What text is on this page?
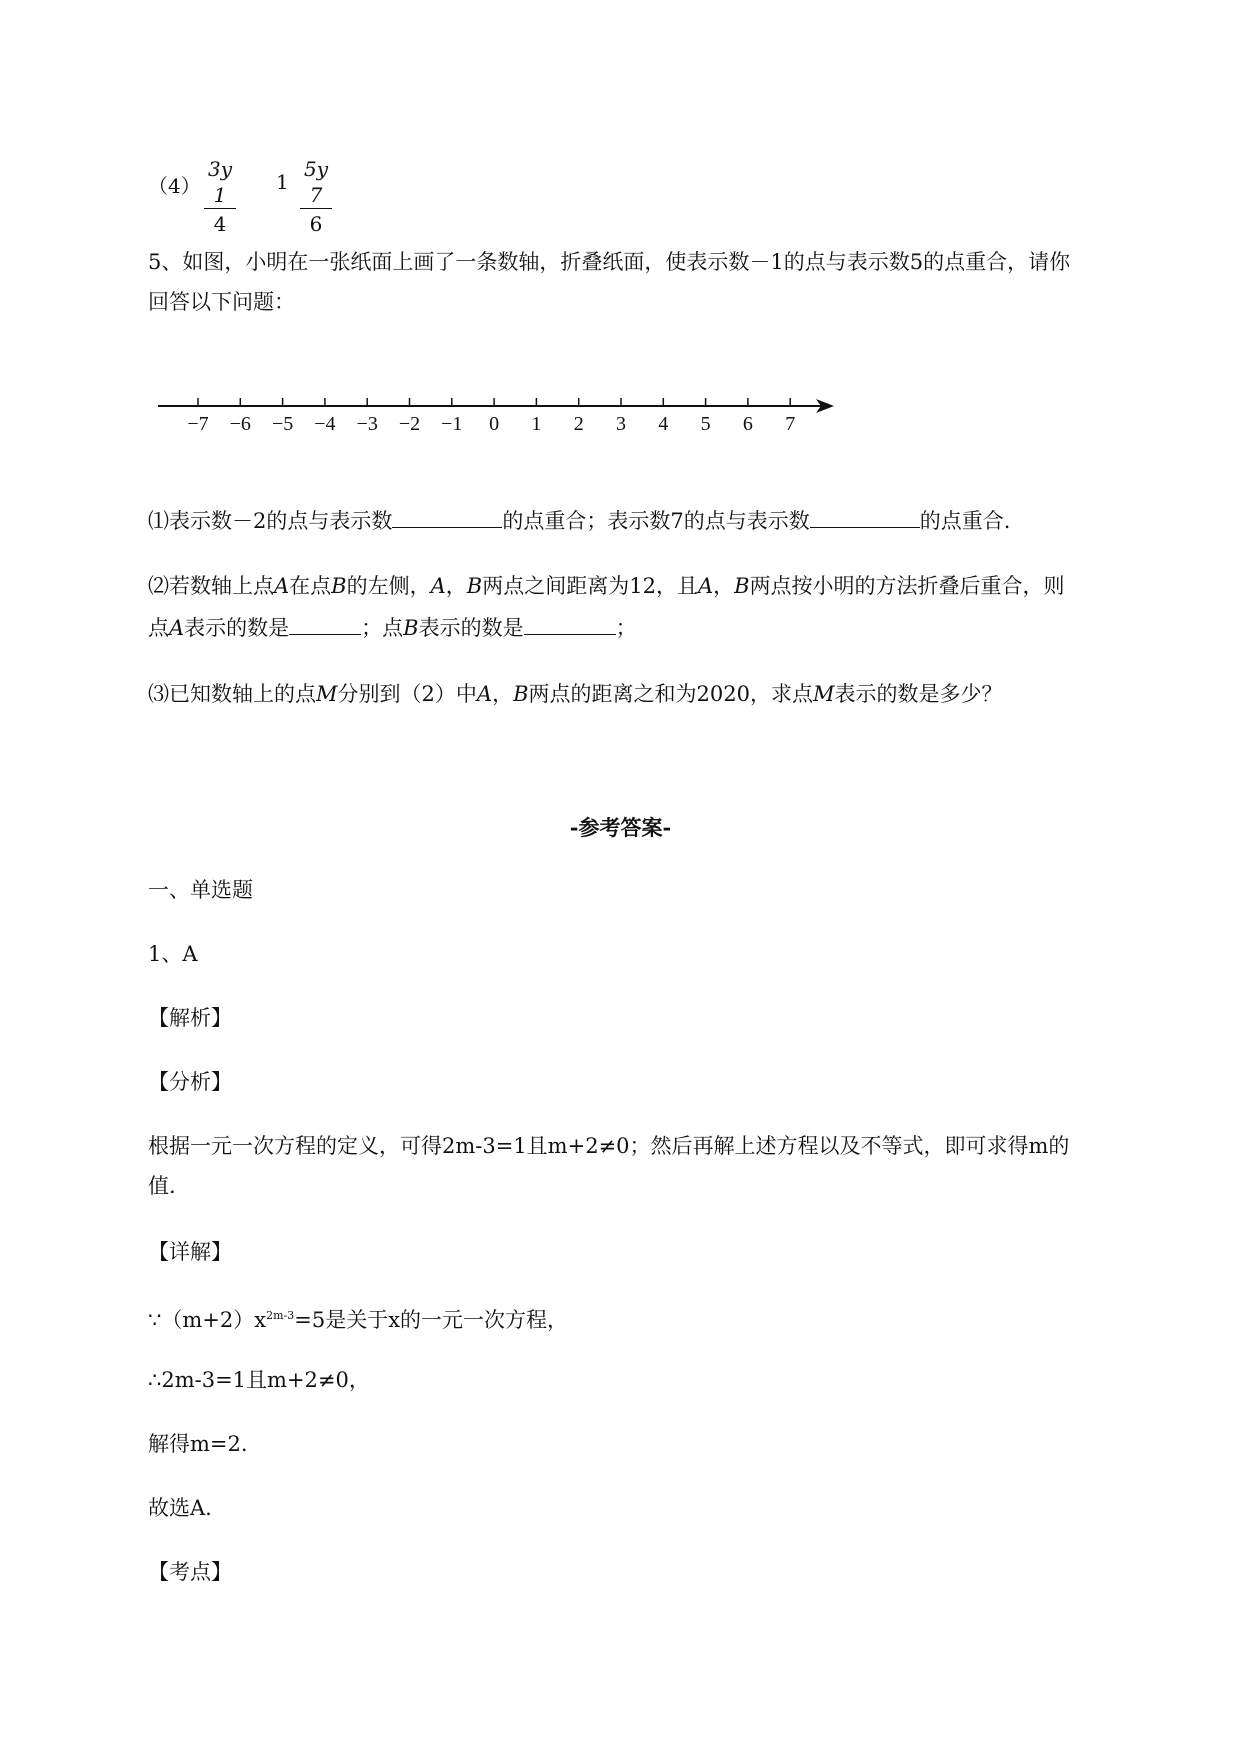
$(4) \frac{3y 1}{4} 1 \frac{5y 7}{6}$
5、如图，小明在一张纸面上画了一条数轴，折叠纸面，使表示数－1的点与表示数5的点重合，请你
回答以下问题：
−7 −6 −5 −4 −3 −2 −1 0 1 2 3 4 5 6 7
⑴表示数－2的点与表示数	的点重合；表示数7的点与表示数	的点重合.
⑵若数轴上点A在点B的左侧，A，B两点之间距离为12，且A，B两点按小明的方法折叠后重合，则
点A表示的数是	；点B表示的数是	；
⑶已知数轴上的点M分别到（2）中A，B两点的距离之和为2020，求点M表示的数是多少？
-参考答案-
一、单选题
1、A
【解析】
【分析】
根据一元一次方程的定义，可得2m-3=1且m+2≠0；然后再解上述方程以及不等式，即可求得m的
值.
【详解】
$\because(m+2)x^{2m-3}=5$是关于x的一元一次方程，
∴2m-3=1且m+2≠0，
解得m=2.
故选A.
【考点】
